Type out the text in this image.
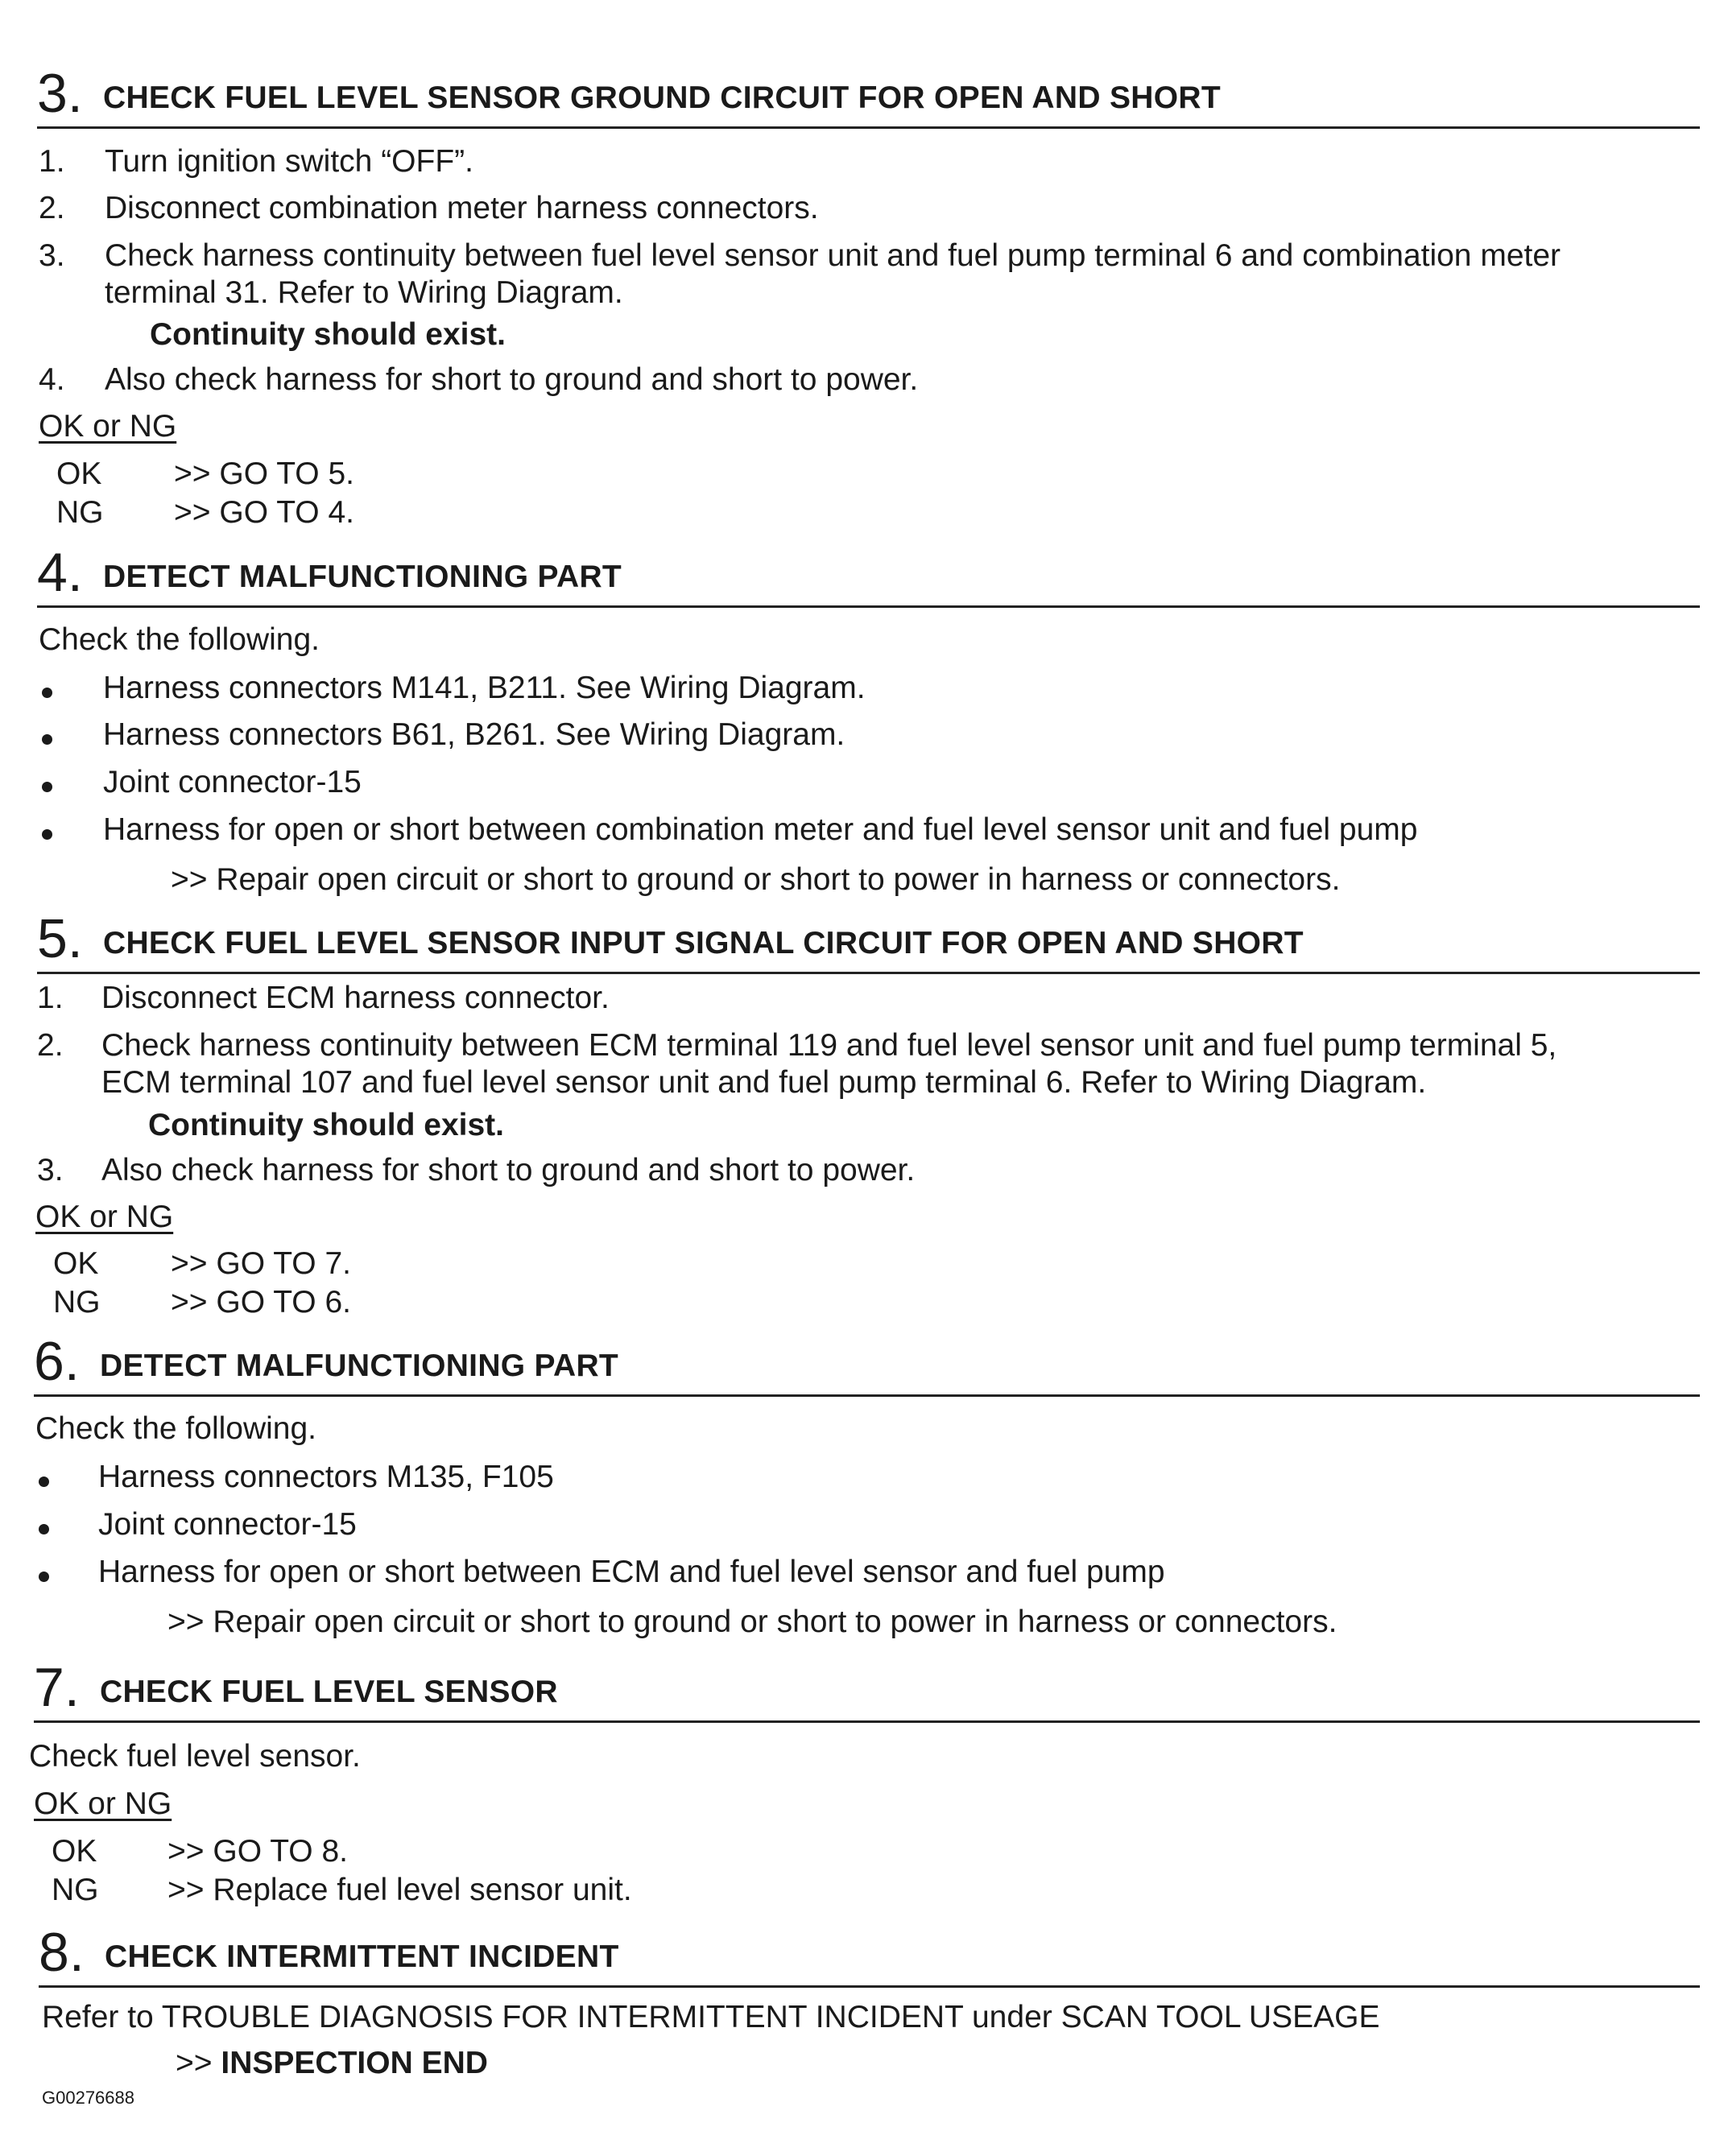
3. CHECK FUEL LEVEL SENSOR GROUND CIRCUIT FOR OPEN AND SHORT
1.	Turn ignition switch “OFF”.
2.	Disconnect combination meter harness connectors.
3.	Check harness continuity between fuel level sensor unit and fuel pump terminal 6 and combination meter
terminal 31. Refer to Wiring Diagram.
Continuity should exist.
4.	Also check harness for short to ground and short to power.
OK or NG
OK >> GO TO 5.
NG >> GO TO 4.
4. DETECT MALFUNCTIONING PART
Check the following.
Harness connectors M141, B211. See Wiring Diagram.
Harness connectors B61, B261. See Wiring Diagram.
Joint connector-15
Harness for open or short between combination meter and fuel level sensor unit and fuel pump
>> Repair open circuit or short to ground or short to power in harness or connectors.
5. CHECK FUEL LEVEL SENSOR INPUT SIGNAL CIRCUIT FOR OPEN AND SHORT
1.	Disconnect ECM harness connector.
2.	Check harness continuity between ECM terminal 119 and fuel level sensor unit and fuel pump terminal 5,
ECM terminal 107 and fuel level sensor unit and fuel pump terminal 6. Refer to Wiring Diagram.
Continuity should exist.
3.	Also check harness for short to ground and short to power.
OK or NG
OK >> GO TO 7.
NG >> GO TO 6.
6. DETECT MALFUNCTIONING PART
Check the following.
Harness connectors M135, F105
Joint connector-15
Harness for open or short between ECM and fuel level sensor and fuel pump
>> Repair open circuit or short to ground or short to power in harness or connectors.
7. CHECK FUEL LEVEL SENSOR
Check fuel level sensor.
OK or NG
OK >> GO TO 8.
NG >> Replace fuel level sensor unit.
8. CHECK INTERMITTENT INCIDENT
Refer to TROUBLE DIAGNOSIS FOR INTERMITTENT INCIDENT under SCAN TOOL USEAGE
>> INSPECTION END
G00276688
